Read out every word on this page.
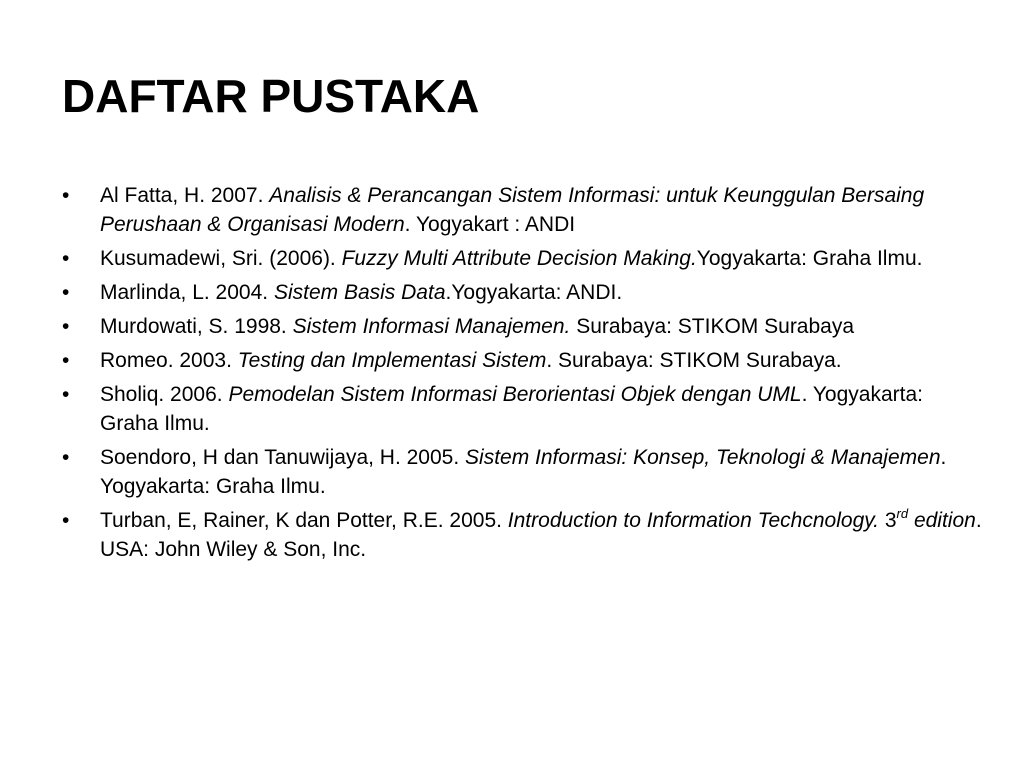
DAFTAR PUSTAKA
•	Al Fatta, H. 2007. Analisis & Perancangan Sistem Informasi: untuk Keunggulan Bersaing Perushaan & Organisasi Modern. Yogyakart : ANDI
•	Kusumadewi, Sri. (2006). Fuzzy Multi Attribute Decision Making.Yogyakarta: Graha Ilmu.
•	Marlinda, L. 2004. Sistem Basis Data.Yogyakarta: ANDI.
•	Murdowati, S. 1998. Sistem Informasi Manajemen. Surabaya: STIKOM Surabaya
•	Romeo. 2003. Testing dan Implementasi Sistem. Surabaya: STIKOM Surabaya.
•	Sholiq. 2006. Pemodelan Sistem Informasi Berorientasi Objek dengan UML. Yogyakarta: Graha Ilmu.
•	Soendoro, H dan Tanuwijaya, H. 2005. Sistem Informasi: Konsep, Teknologi & Manajemen. Yogyakarta: Graha Ilmu.
•	Turban, E, Rainer, K dan Potter, R.E. 2005. Introduction to Information Techcnology. 3rd edition. USA: John Wiley & Son, Inc.
